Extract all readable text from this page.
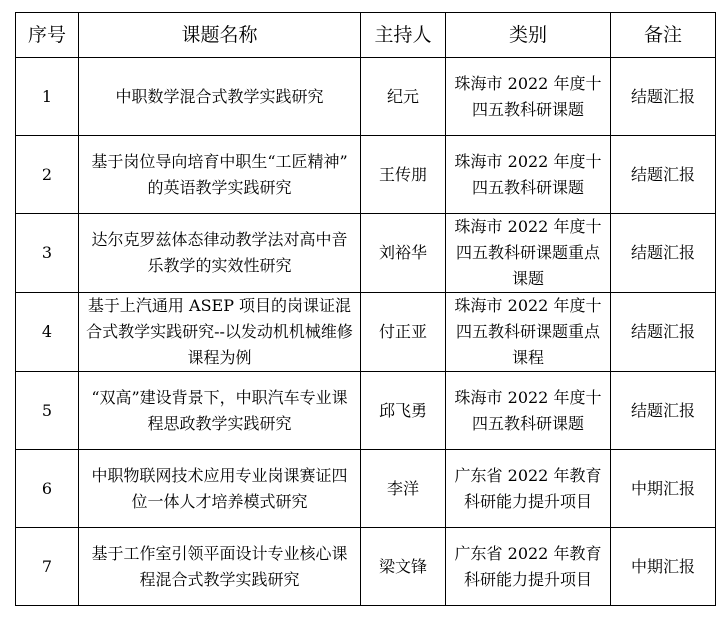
序号	课题名称	主持人	类别	备注
1	中职数学混合式教学实践研究	纪元	珠海市 2022 年度十四五教科研课题	结题汇报
2	基于岗位导向培育中职生“工匠精神” 的英语教学实践研究	王传朋	珠海市 2022 年度十四五教科研课题	结题汇报
3	达尔克罗兹体态律动教学法对高中音乐教学的实效性研究	刘裕华	珠海市 2022 年度十四五教科研课题重点课题	结题汇报
4	基于上汽通用 ASEP 项目的岗课证混合式教学实践研究--以发动机机械维修课程为例	付正亚	珠海市 2022 年度十四五教科研课题重点课程	结题汇报
5	“双高”建设背景下，中职汽车专业课程思政教学实践研究	邱飞勇	珠海市 2022 年度十四五教科研课题	结题汇报
6	中职物联网技术应用专业岗课赛证四位一体人才培养模式研究	李洋	广东省 2022 年教育科研能力提升项目	中期汇报
7	基于工作室引领平面设计专业核心课程混合式教学实践研究	梁文锋	广东省 2022 年教育科研能力提升项目	中期汇报
